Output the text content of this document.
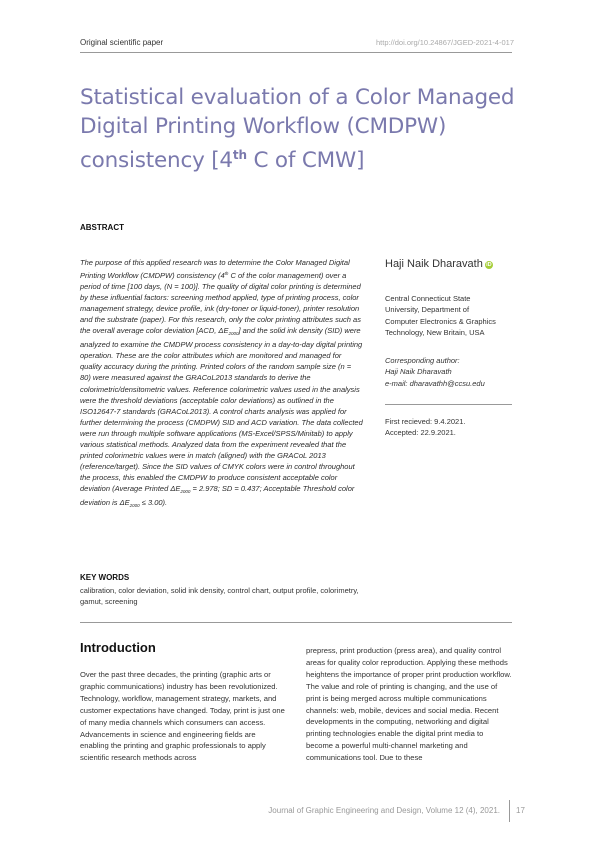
Original scientific paper	http://doi.org/10.24867/JGED-2021-4-017
Statistical evaluation of a Color Managed Digital Printing Workflow (CMDPW) consistency [4th C of CMW]
ABSTRACT

The purpose of this applied research was to determine the Color Managed Digital Printing Workflow (CMDPW) consistency (4th C of the color management) over a period of time [100 days, (N = 100)]. The quality of digital color printing is determined by these influential factors: screening method applied, type of printing process, color management strategy, device profile, ink (dry-toner or liquid-toner), printer resolution and the substrate (paper). For this research, only the color printing attributes such as the overall average color deviation [ACD, $\Delta E_{2000}$] and the solid ink density (SID) were analyzed to examine the CMDPW process consistency in a day-to-day digital printing operation. These are the color attributes which are monitored and managed for quality accuracy during the printing. Printed colors of the random sample size (n = 80) were measured against the GRACoL2013 standards to derive the colorimetric/densitometric values. Reference colorimetric values used in the analysis were the threshold deviations (acceptable color deviations) as outlined in the ISO12647-7 standards (GRACoL2013). A control charts analysis was applied for further determining the process (CMDPW) SID and ACD variation. The data collected were run through multiple software applications (MS-Excel/SPSS/Minitab) to apply various statistical methods. Analyzed data from the experiment revealed that the printed colorimetric values were in match (aligned) with the GRACoL 2013 (reference/target). Since the SID values of CMYK colors were in control throughout the process, this enabled the CMDPW to produce consistent acceptable color deviation (Average Printed $\Delta E_{2000} = 2.978$; SD = 0.437; Acceptable Threshold color deviation is $\Delta E_{2000} \le 3.00$).

Haji Naik Dharavath iD
Central Connecticut State
University, Department of
Computer Electronics & Graphics
Technology, New Britain, USA
Corresponding author:
Haji Naik Dharavath
e-mail: dharavathh@ccsu.edu
First recieved: 9.4.2021.
Accepted: 22.9.2021.
KEY WORDS

calibration, color deviation, solid ink density, control chart, output profile, colorimetry, gamut, screening

Introduction

Over the past three decades, the printing (graphic arts or graphic communications) industry has been revolutionized. Technology, workflow, management strategy, markets, and customer expectations have changed. Today, print is just one of many media channels which consumers can access. Advancements in science and engineering fields are enabling the printing and graphic professionals to apply scientific research methods across

prepress, print production (press area), and quality control areas for quality color reproduction. Applying these methods heightens the importance of proper print production workflow. The value and role of printing is changing, and the use of print is being merged across multiple communications channels: web, mobile, devices and social media. Recent developments in the computing, networking and digital printing technologies enable the digital print media to become a powerful multi-channel marketing and communications tool. Due to these

Journal of Graphic Engineering and Design, Volume 12 (4), 2021. 17
